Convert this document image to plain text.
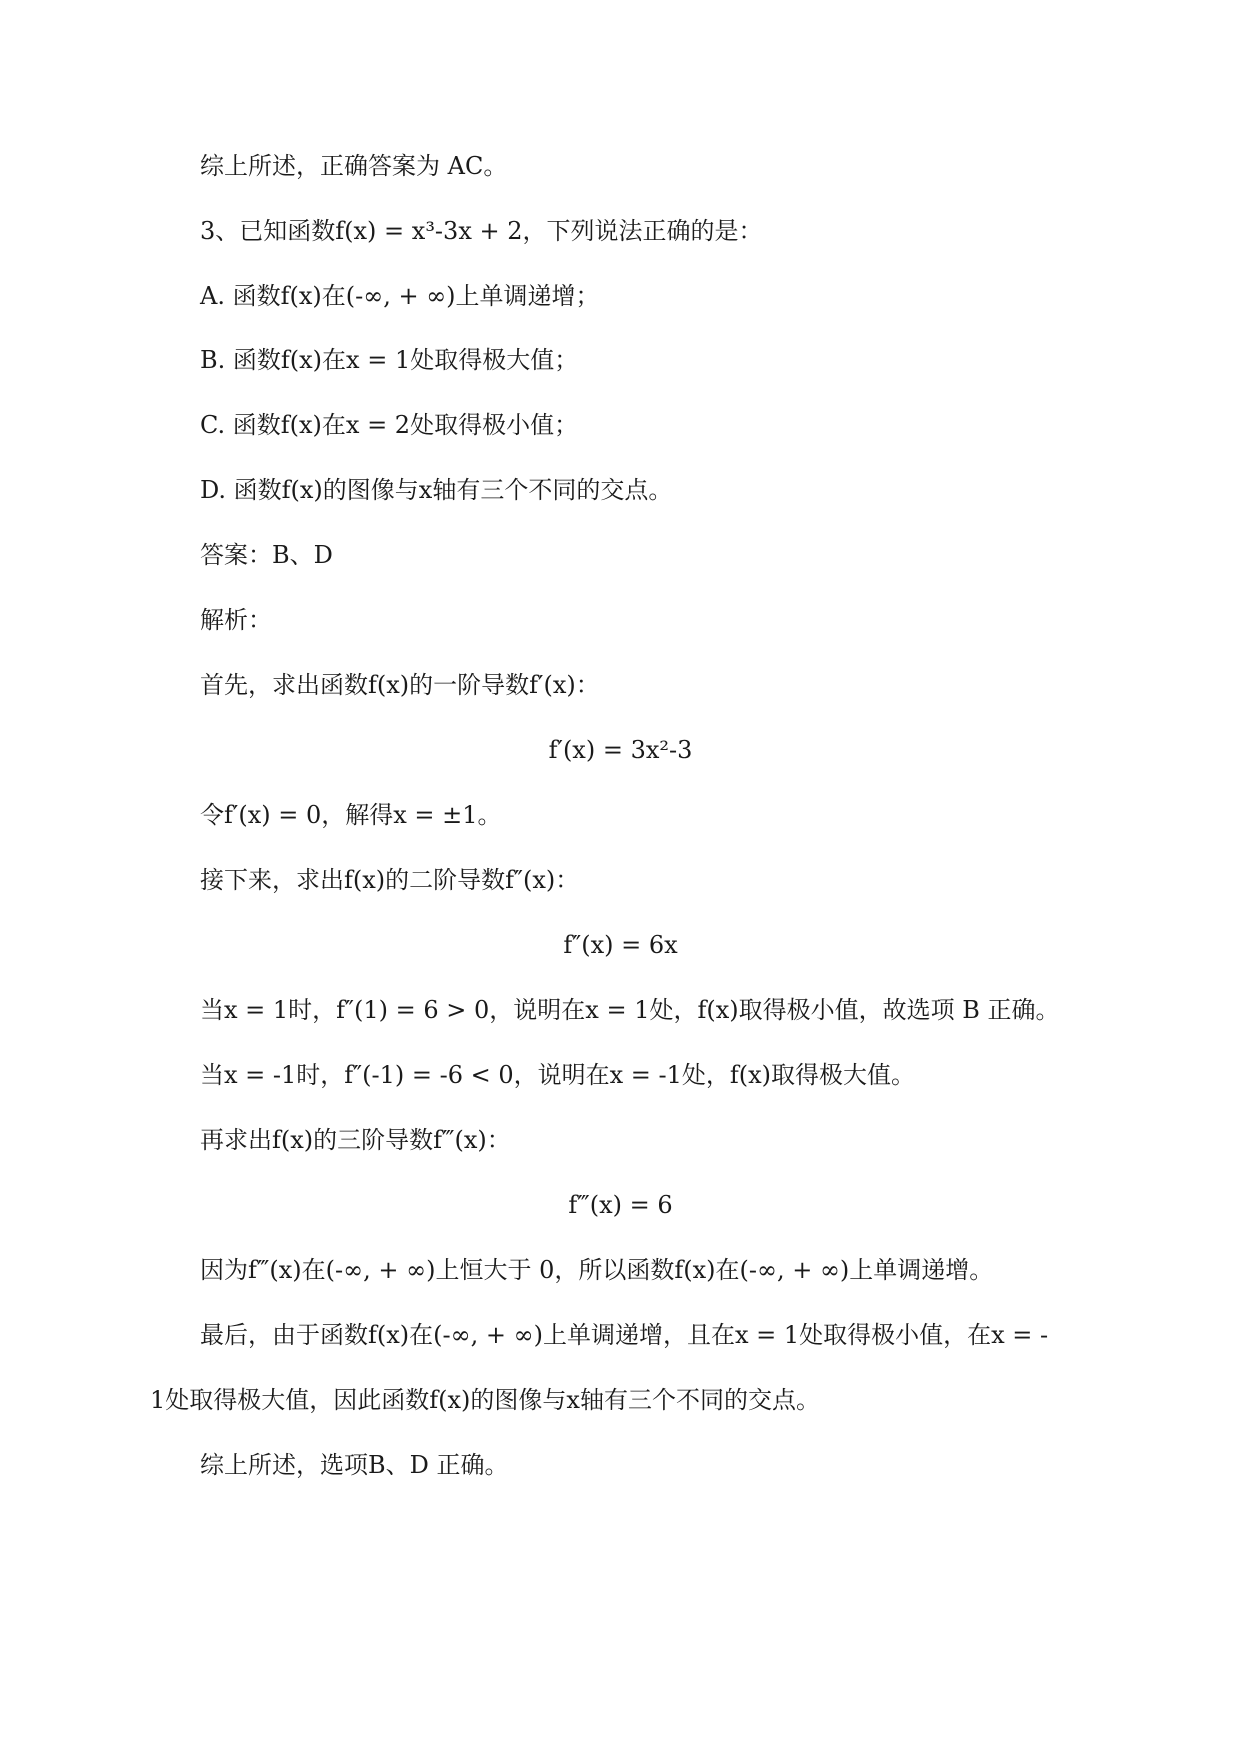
综上所述，正确答案为 AC。
3、已知函数f(x) = x³-3x + 2，下列说法正确的是：
A. 函数f(x)在(-∞, + ∞)上单调递增；
B. 函数f(x)在x = 1处取得极大值；
C. 函数f(x)在x = 2处取得极小值；
D. 函数f(x)的图像与x轴有三个不同的交点。
答案：B、D
解析：
首先，求出函数f(x)的一阶导数f′(x)：
f′(x) = 3x²-3
令f′(x) = 0，解得x = ±1。
接下来，求出f(x)的二阶导数f″(x)：
f″(x) = 6x
当x = 1时，f″(1) = 6 > 0，说明在x = 1处，f(x)取得极小值，故选项 B 正确。
当x = -1时，f″(-1) = -6 < 0，说明在x = -1处，f(x)取得极大值。
再求出f(x)的三阶导数f‴(x)：
f‴(x) = 6
因为f‴(x)在(-∞, + ∞)上恒大于 0，所以函数f(x)在(-∞, + ∞)上单调递增。
最后，由于函数f(x)在(-∞, + ∞)上单调递增，且在x = 1处取得极小值，在x = -
1处取得极大值，因此函数f(x)的图像与x轴有三个不同的交点。
综上所述，选项B、D 正确。
